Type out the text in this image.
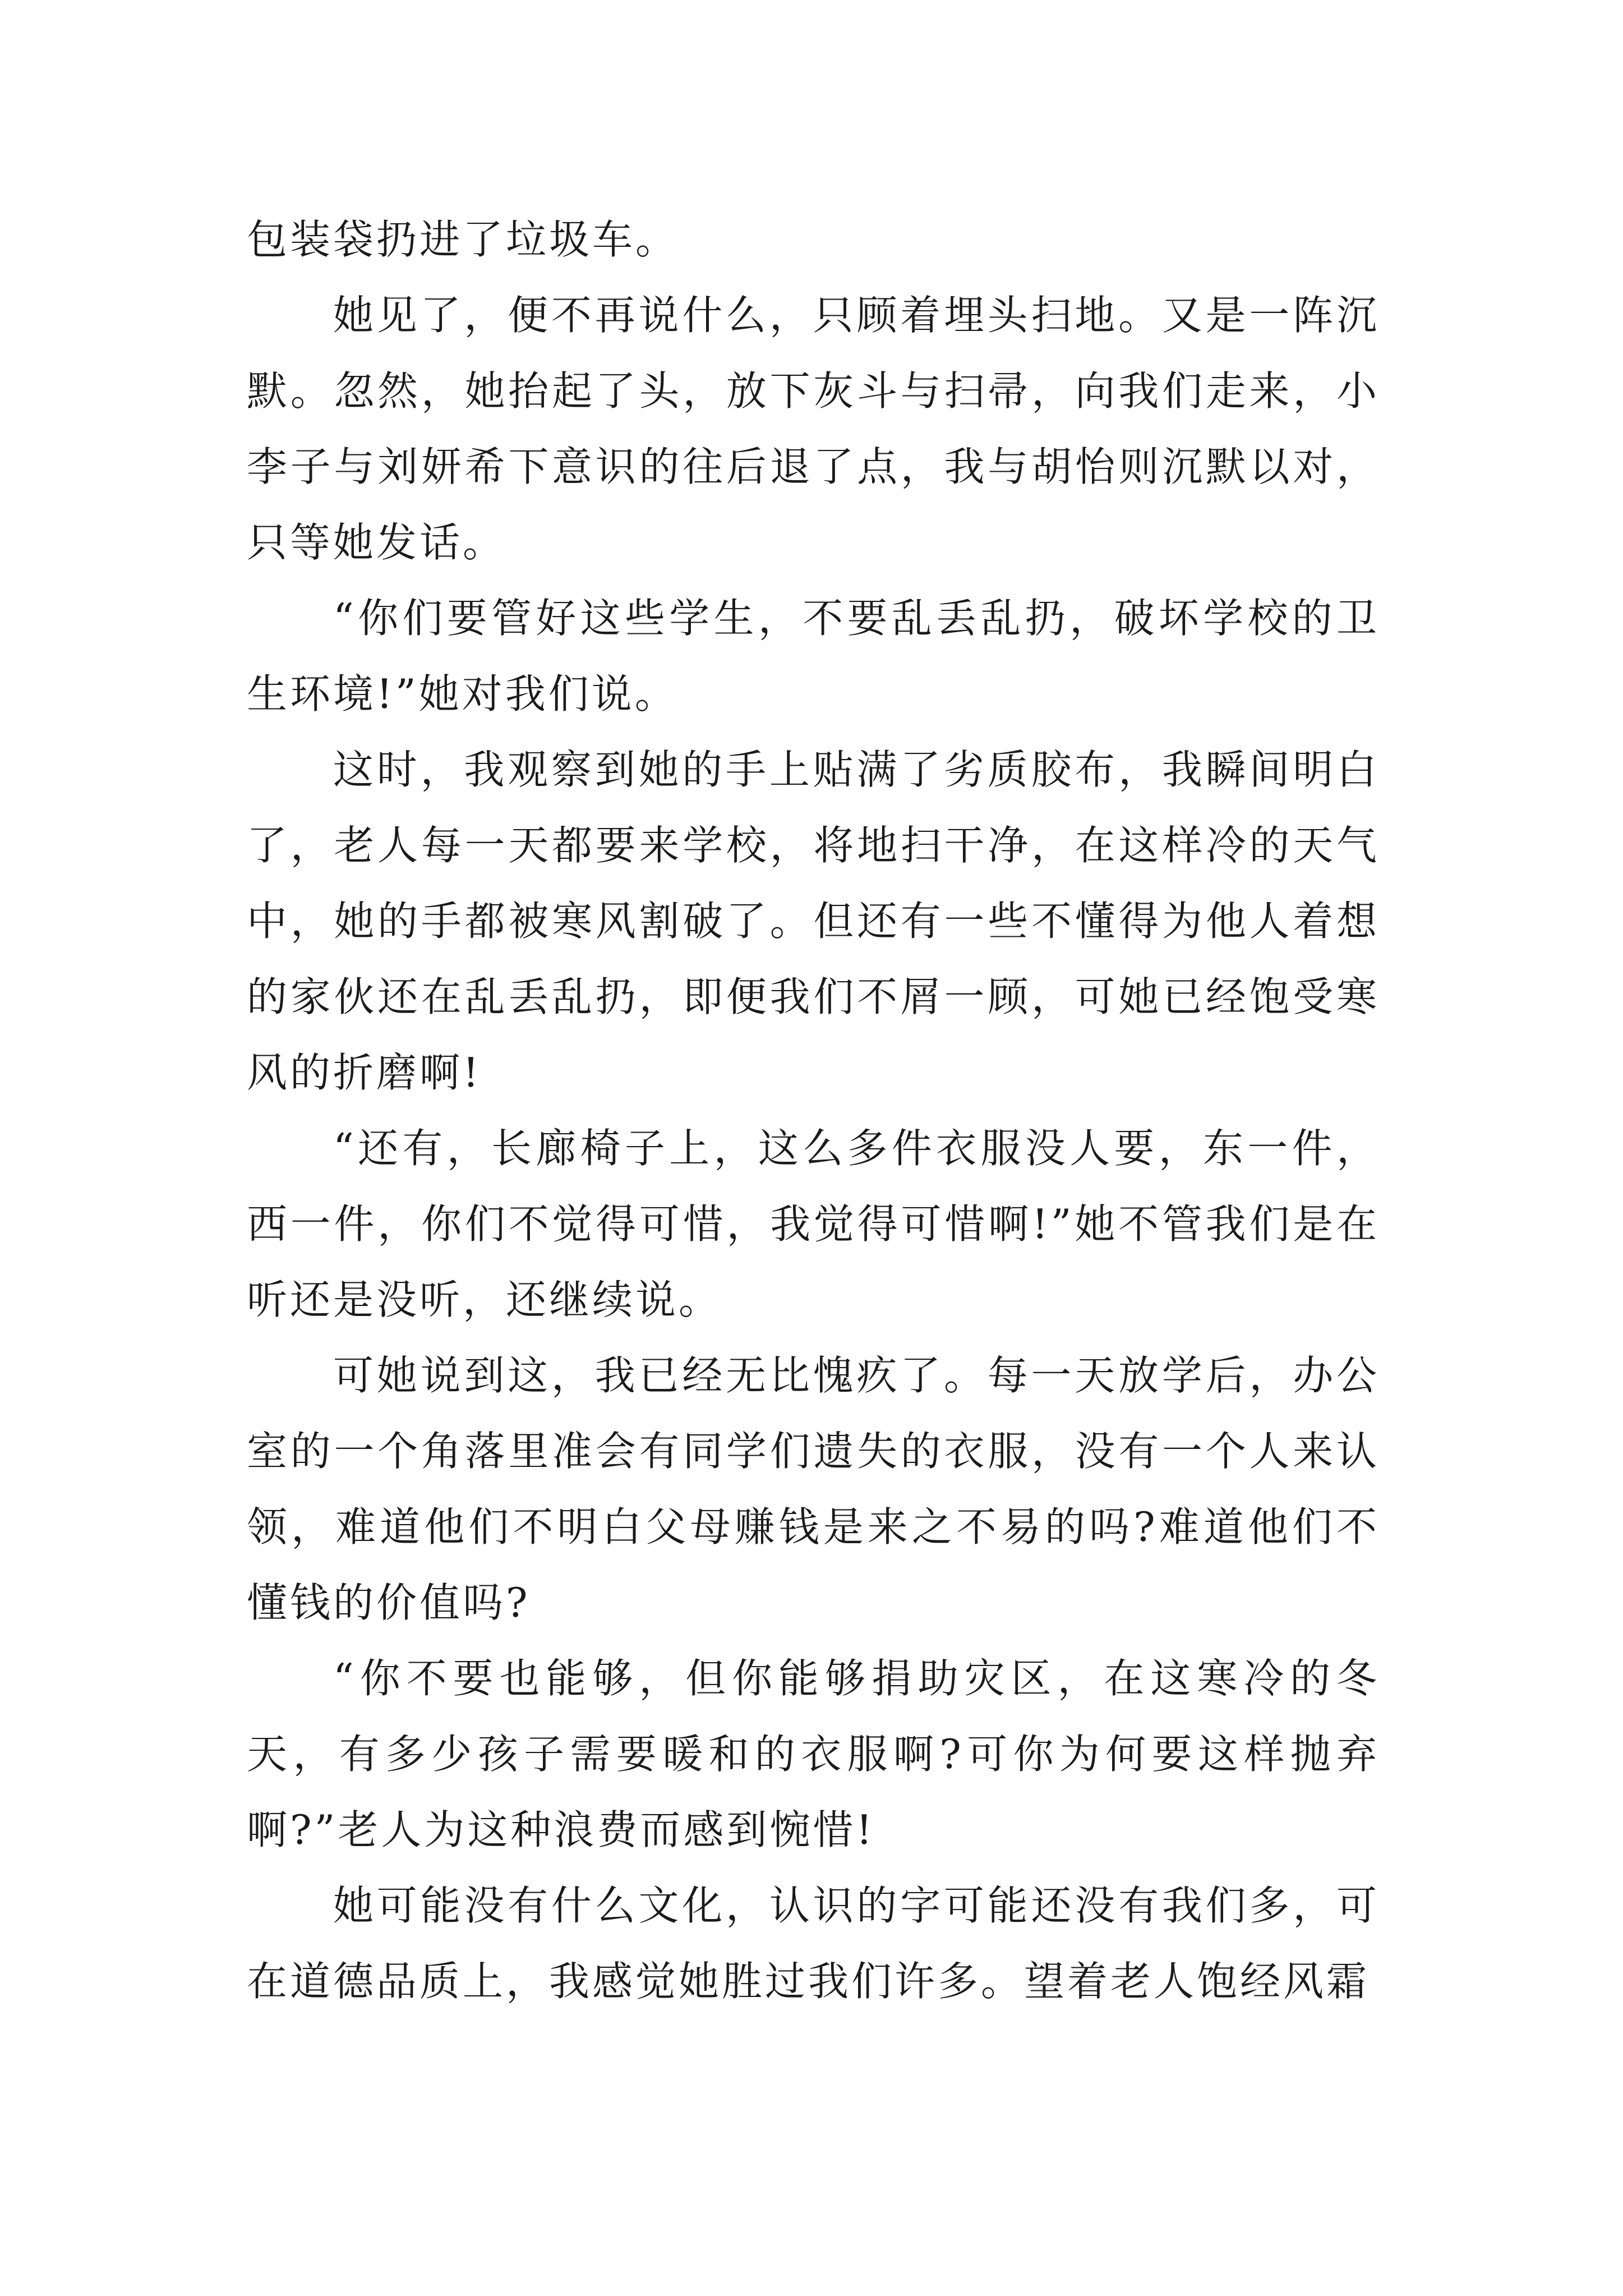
包装袋扔进了垃圾车。

她见了，便不再说什么，只顾着埋头扫地。又是一阵沉默。忽然，她抬起了头，放下灰斗与扫帚，向我们走来，小李子与刘妍希下意识的往后退了点，我与胡怡则沉默以对，只等她发话。

“你们要管好这些学生，不要乱丢乱扔，破坏学校的卫生环境!”她对我们说。

这时，我观察到她的手上贴满了劣质胶布，我瞬间明白了，老人每一天都要来学校，将地扫干净，在这样冷的天气中，她的手都被寒风割破了。但还有一些不懂得为他人着想的家伙还在乱丢乱扔，即便我们不屑一顾，可她已经饱受寒风的折磨啊!

“还有，长廊椅子上，这么多件衣服没人要，东一件，西一件，你们不觉得可惜，我觉得可惜啊!”她不管我们是在听还是没听，还继续说。

可她说到这，我已经无比愧疚了。每一天放学后，办公室的一个角落里准会有同学们遗失的衣服，没有一个人来认领，难道他们不明白父母赚钱是来之不易的吗?难道他们不懂钱的价值吗?

“你不要也能够，但你能够捐助灾区，在这寒冷的冬天，有多少孩子需要暖和的衣服啊?可你为何要这样抛弃啊?”老人为这种浪费而感到惋惜!

她可能没有什么文化，认识的字可能还没有我们多，可在道德品质上，我感觉她胜过我们许多。望着老人饱经风霜
